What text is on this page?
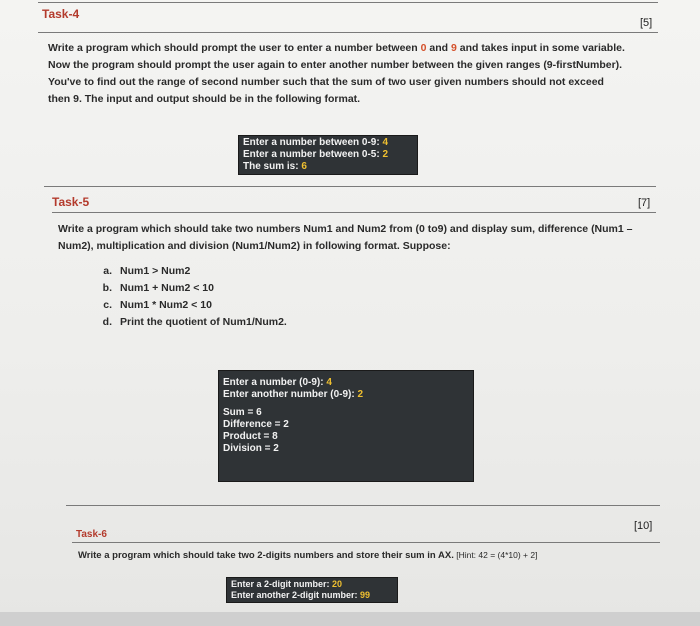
Task-4
[5]
Write a program which should prompt the user to enter a number between 0 and 9 and takes input in some variable.
Now the program should prompt the user again to enter another number between the given ranges (9-firstNumber).
You've to find out the range of second number such that the sum of two user given numbers should not exceed
then 9. The input and output should be in the following format.
Enter a number between 0-9: 4
Enter a number between 0-5: 2
The sum is: 6
Task-5	[7]
Write a program which should take two numbers Num1 and Num2 from (0 to9) and display sum, difference (Num1 –
Num2), multiplication and division (Num1/Num2) in following format. Suppose:
a. Num1 > Num2
b. Num1 + Num2 < 10
c. Num1 * Num2 < 10
d. Print the quotient of Num1/Num2.
Enter a number (0-9): 4
Enter another number (0-9): 2
Sum = 6
Difference = 2
Product = 8
Division = 2
[10]
Task-6
Write a program which should take two 2-digits numbers and store their sum in AX. [Hint: 42 = (4*10) + 2]
Enter a 2-digit number: 20
Enter another 2-digit number: 99
